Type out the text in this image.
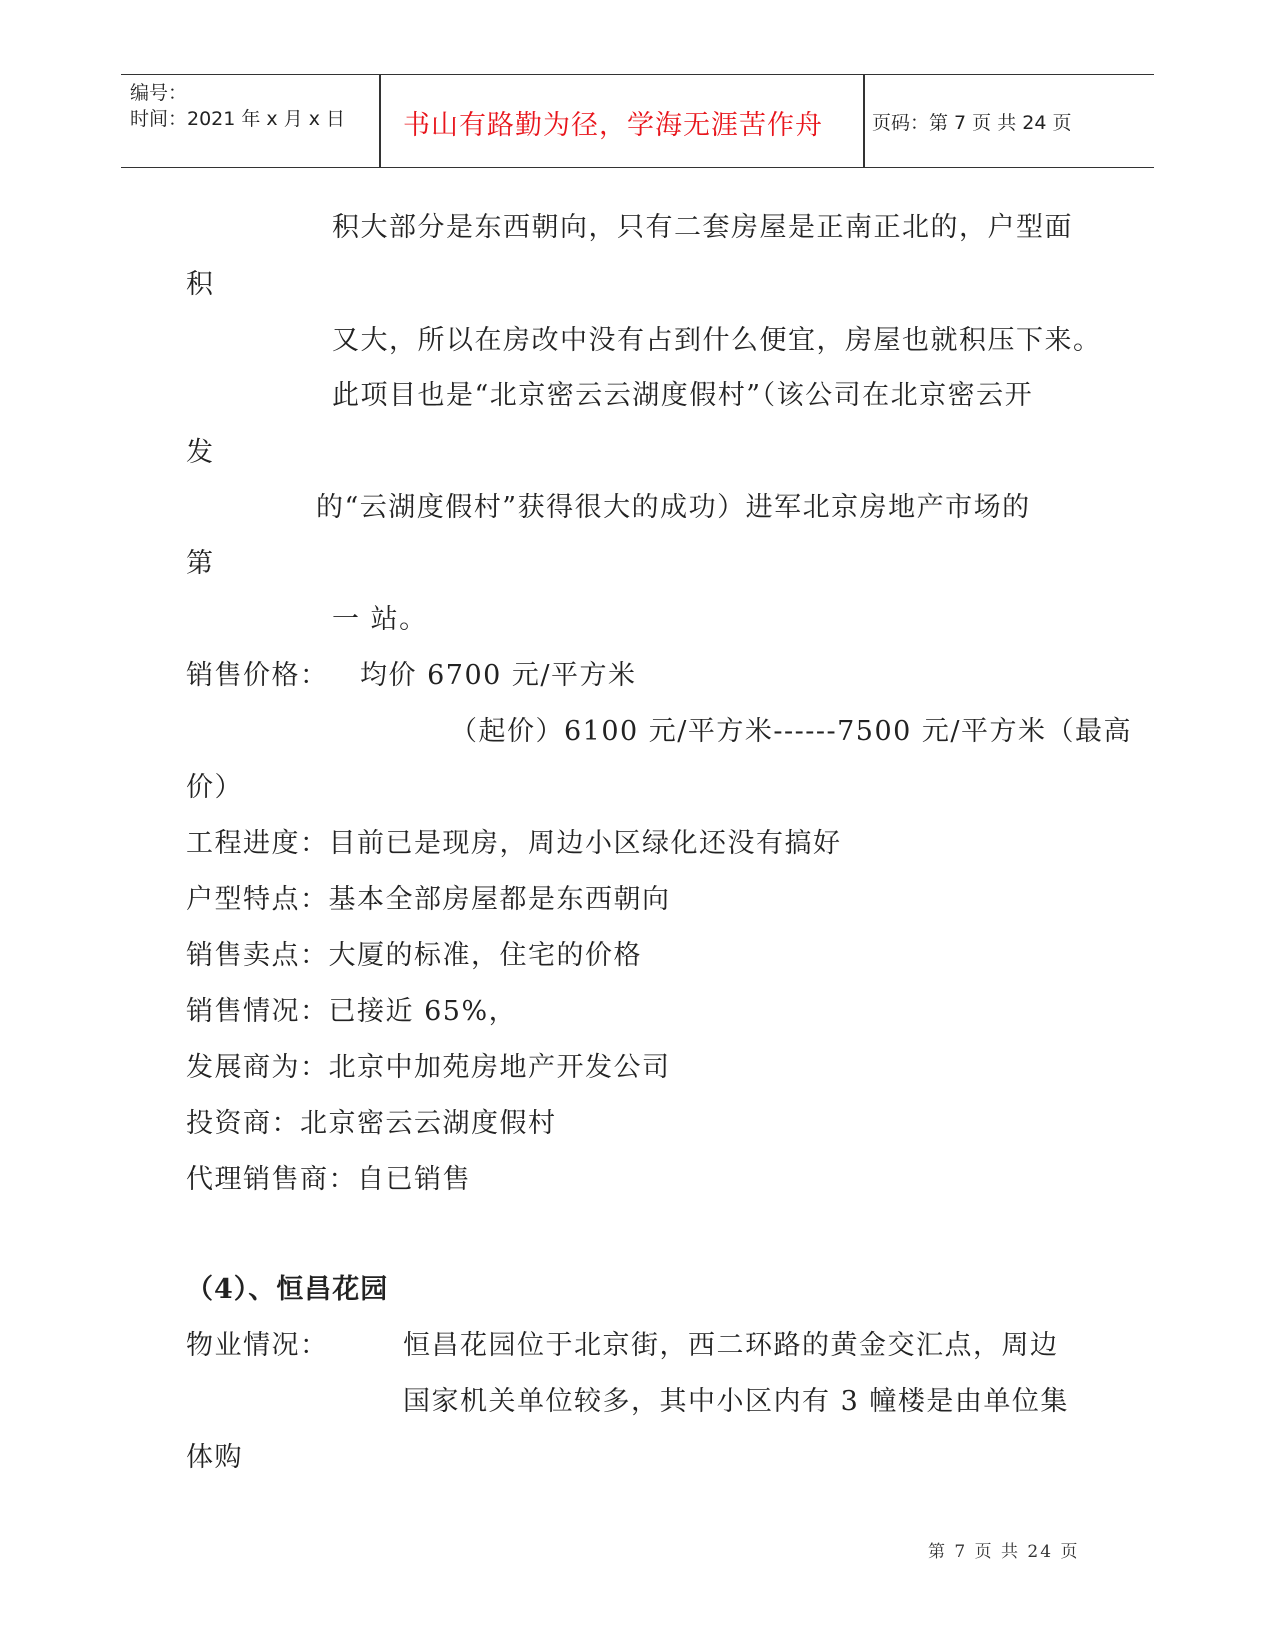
编号：
时间：2021 年 x 月 x 日 书山有路勤为径，学海无涯苦作舟	页码：第 7 页 共 24 页
积大部分是东西朝向，只有二套房屋是正南正北的，户型面
积
又大，所以在房改中没有占到什么便宜，房屋也就积压下来。
此项目也是“北京密云云湖度假村”（该公司在北京密云开
发
的“云湖度假村”获得很大的成功）进军北京房地产市场的
第
一 站。
销售价格： 均价 6700 元/平方米
（起价）6100 元/平方米------7500 元/平方米（最高
价）
工程进度：目前已是现房，周边小区绿化还没有搞好
户型特点：基本全部房屋都是东西朝向
销售卖点：大厦的标准，住宅的价格
销售情况：已接近 65%，
发展商为：北京中加苑房地产开发公司
投资商：北京密云云湖度假村
代理销售商：自已销售
（4）、恒昌花园
物业情况：	恒昌花园位于北京街，西二环路的黄金交汇点，周边
国家机关单位较多，其中小区内有 3 幢楼是由单位集
体购
第 7 页 共 24 页
